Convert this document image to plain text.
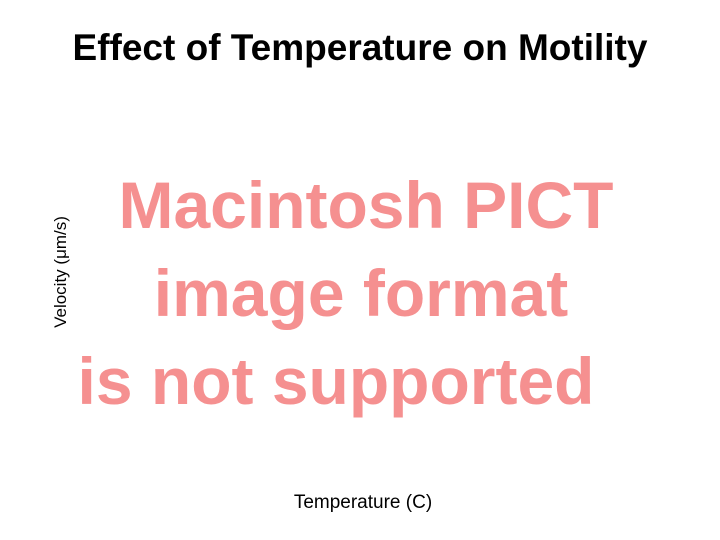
Effect of Temperature on Motility
Velocity (μm/s)
Macintosh PICT
image format
is not supported
Temperature (C)
